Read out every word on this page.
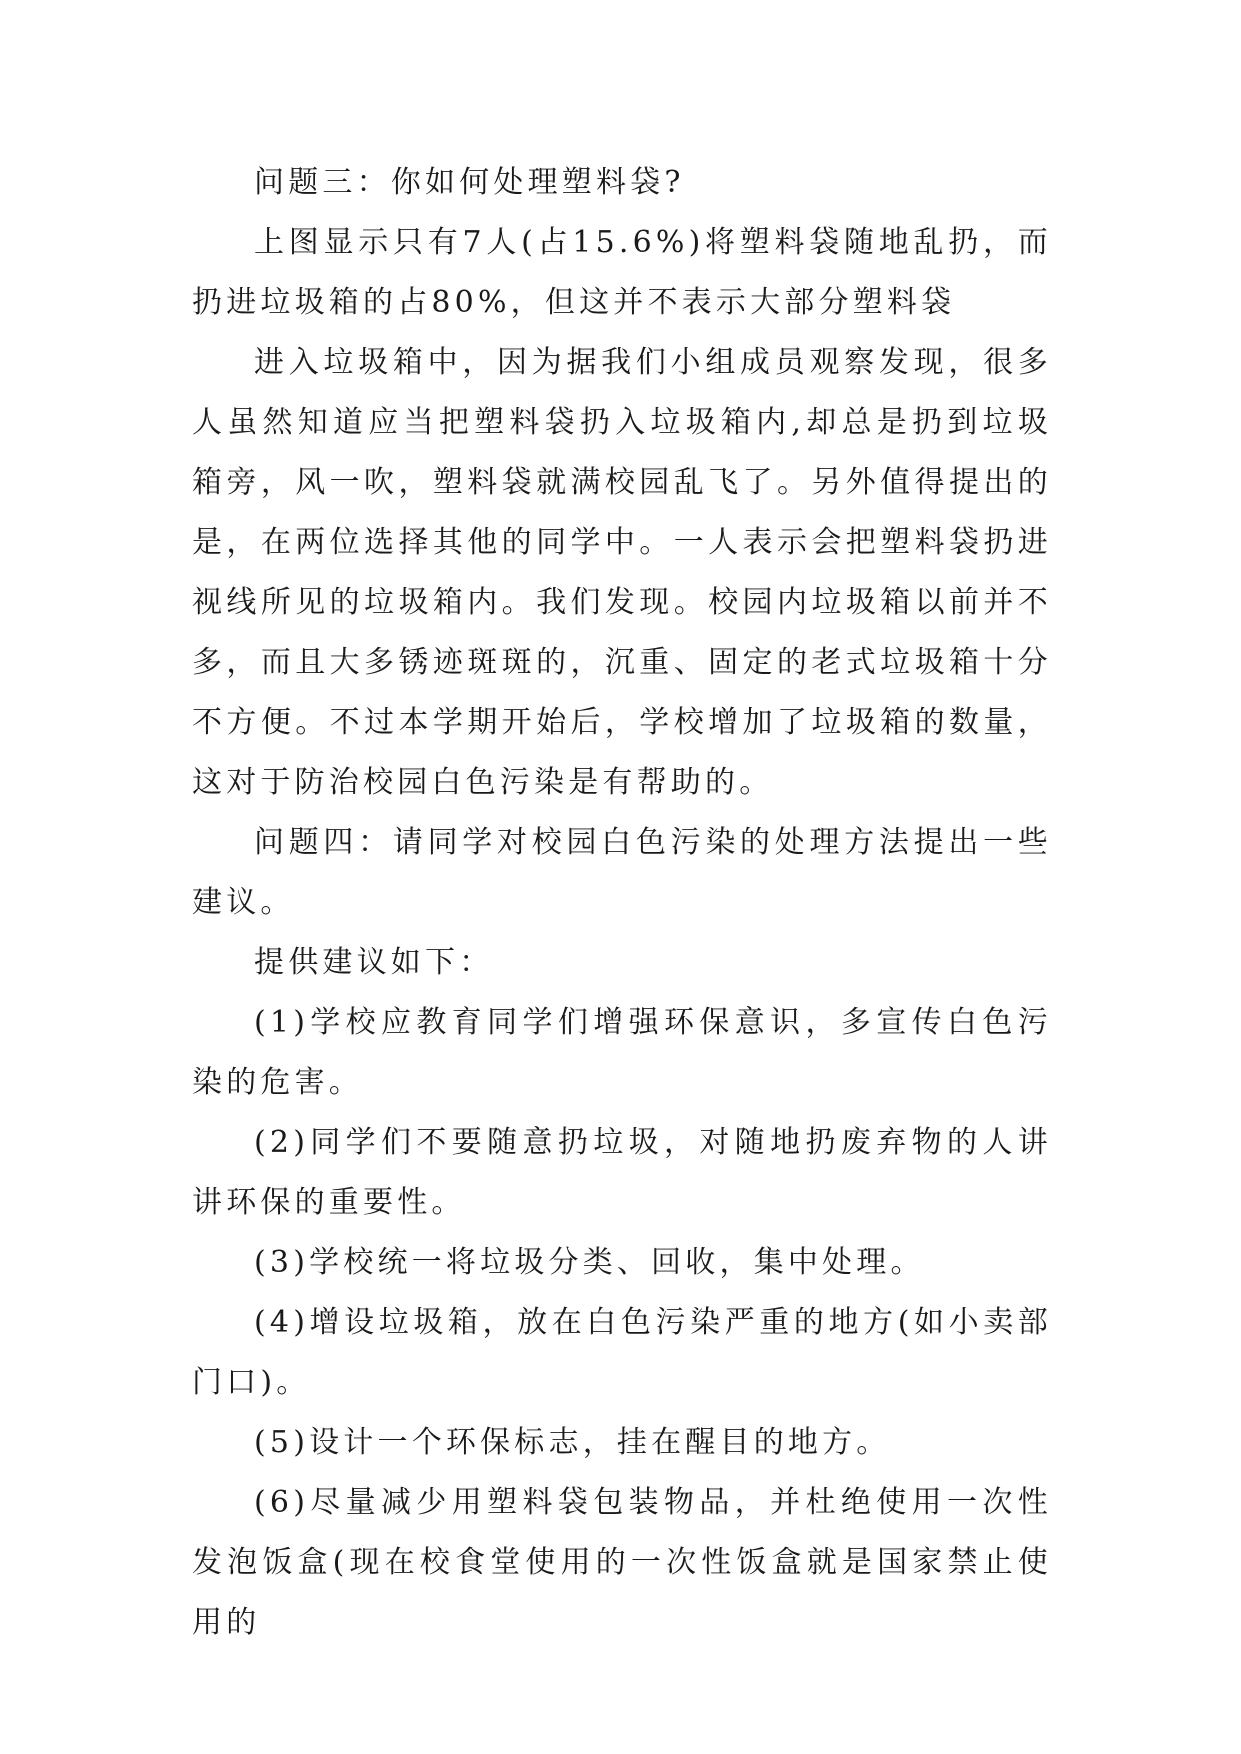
问题三：你如何处理塑料袋?

上图显示只有7人(占15.6%)将塑料袋随地乱扔，而扔进垃圾箱的占80%，但这并不表示大部分塑料袋

进入垃圾箱中，因为据我们小组成员观察发现，很多人虽然知道应当把塑料袋扔入垃圾箱内,却总是扔到垃圾箱旁，风一吹，塑料袋就满校园乱飞了。另外值得提出的是，在两位选择其他的同学中。一人表示会把塑料袋扔进视线所见的垃圾箱内。我们发现。校园内垃圾箱以前并不多，而且大多锈迹斑斑的，沉重、固定的老式垃圾箱十分不方便。不过本学期开始后，学校增加了垃圾箱的数量，这对于防治校园白色污染是有帮助的。

问题四：请同学对校园白色污染的处理方法提出一些建议。

提供建议如下：

(1)学校应教育同学们增强环保意识，多宣传白色污染的危害。

(2)同学们不要随意扔垃圾，对随地扔废弃物的人讲讲环保的重要性。

(3)学校统一将垃圾分类、回收，集中处理。

(4)增设垃圾箱，放在白色污染严重的地方(如小卖部门口)。

(5)设计一个环保标志，挂在醒目的地方。

(6)尽量减少用塑料袋包装物品，并杜绝使用一次性发泡饭盒(现在校食堂使用的一次性饭盒就是国家禁止使用的
